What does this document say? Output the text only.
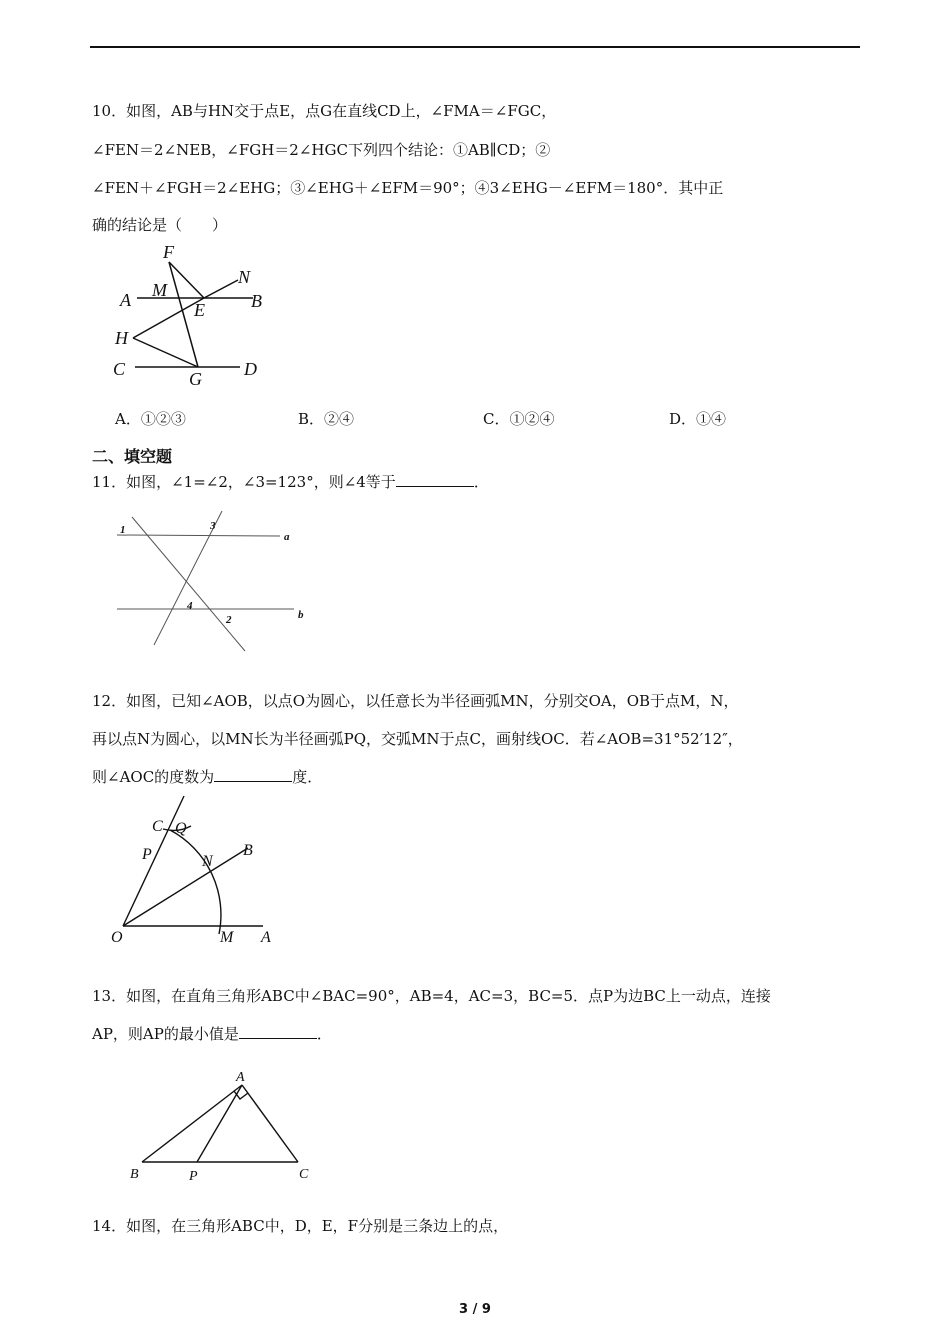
10．如图，AB与HN交于点E，点G在直线CD上，∠FMA＝∠FGC，
∠FEN＝2∠NEB，∠FGH＝2∠HGC下列四个结论：①AB∥CD；②
∠FEN＋∠FGH＝2∠EHG；③∠EHG＋∠EFM＝90°；④3∠EHG－∠EFM＝180°．其中正
确的结论是（　　）
F
N
A M
E	B
H
C	G D
A．①②③	B．②④	C．①②④	D．①④
二、填空题
11．如图，∠1=∠2，∠3=123°，则∠4等于	．
1	3
a
4
2	b
12．如图，已知∠AOB，以点O为圆心，以任意长为半径画弧MN，分别交OA，OB于点M，N，
再以点N为圆心，以MN长为半径画弧PQ，交弧MN于点C，画射线OC．若∠AOB=31°52′12″，
则∠AOC的度数为	度．
C Q
P	N
B
O	M A
13．如图，在直角三角形ABC中∠BAC=90°，AB=4，AC=3，BC=5．点P为边BC上一动点，连接
AP，则AP的最小值是	．
A
B	P	C
14．如图，在三角形ABC中，D，E，F分别是三条边上的点，
3 / 9
